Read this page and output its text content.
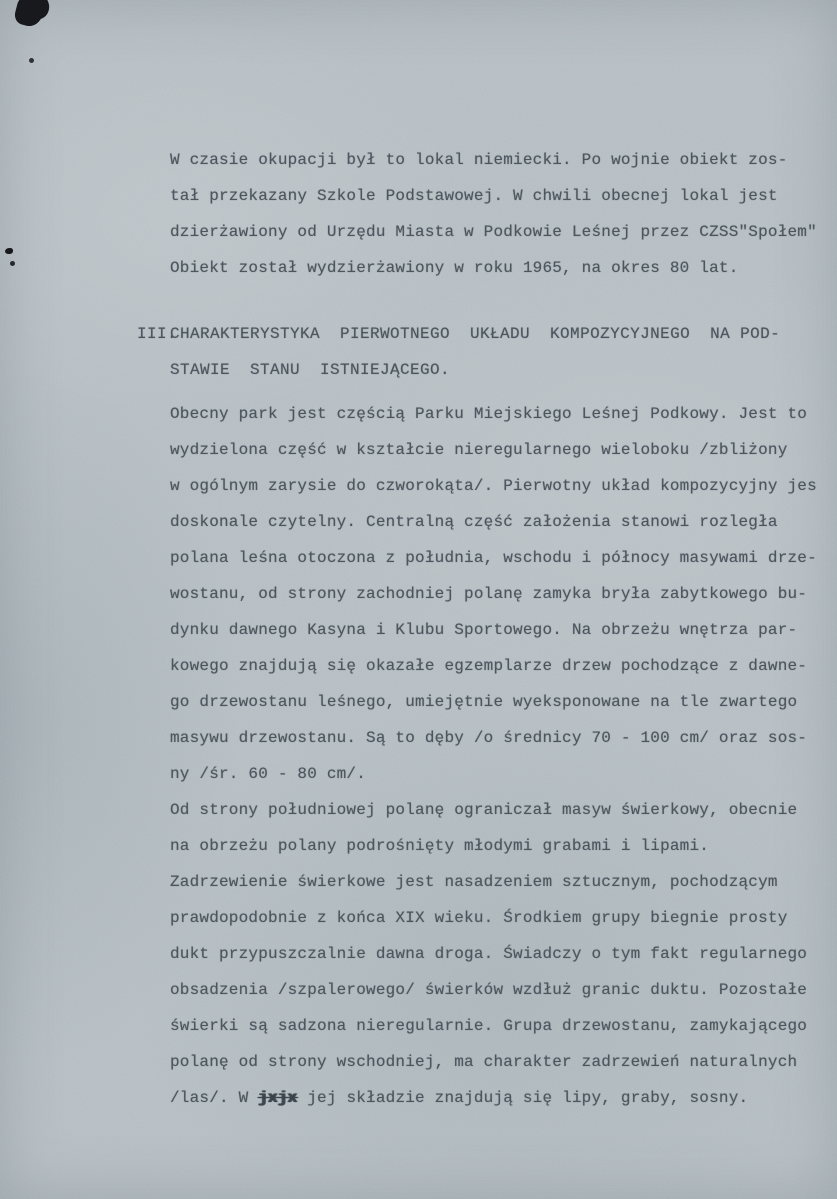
W czasie okupacji był to lokal niemiecki. Po wojnie obiekt zos-
tał przekazany Szkole Podstawowej. W chwili obecnej lokal jest
dzierżawiony od Urzędu Miasta w Podkowie Leśnej przez CZSS"Społem"
Obiekt został wydzierżawiony w roku 1965, na okres 80 lat.
III.CHARAKTERYSTYKA  PIERWOTNEGO  UKŁADU  KOMPOZYCYJNEGO  NA POD-
STAWIE  STANU  ISTNIEJĄCEGO.
Obecny park jest częścią Parku Miejskiego Leśnej Podkowy. Jest to
wydzielona część w kształcie nieregularnego wieloboku /zbliżony
w ogólnym zarysie do czworokąta/. Pierwotny układ kompozycyjny jes
doskonale czytelny. Centralną część założenia stanowi rozległa
polana leśna otoczona z południa, wschodu i północy masywami drze-
wostanu, od strony zachodniej polanę zamyka bryła zabytkowego bu-
dynku dawnego Kasyna i Klubu Sportowego. Na obrzeżu wnętrza par-
kowego znajdują się okazałe egzemplarze drzew pochodzące z dawne-
go drzewostanu leśnego, umiejętnie wyeksponowane na tle zwartego
masywu drzewostanu. Są to dęby /o średnicy 70 - 100 cm/ oraz sos-
ny /śr. 60 - 80 cm/.
Od strony południowej polanę ograniczał masyw świerkowy, obecnie
na obrzeżu polany podrośnięty młodymi grabami i lipami.
Zadrzewienie świerkowe jest nasadzeniem sztucznym, pochodzącym
prawdopodobnie z końca XIX wieku. Środkiem grupy biegnie prosty
dukt przypuszczalnie dawna droga. Świadczy o tym fakt regularnego
obsadzenia /szpalerowego/ świerków wzdłuż granic duktu. Pozostałe
świerki są sadzona nieregularnie. Grupa drzewostanu, zamykającego
polanę od strony wschodniej, ma charakter zadrzewień naturalnych
/las/. W jxjx jej składzie znajdują się lipy, graby, sosny.
